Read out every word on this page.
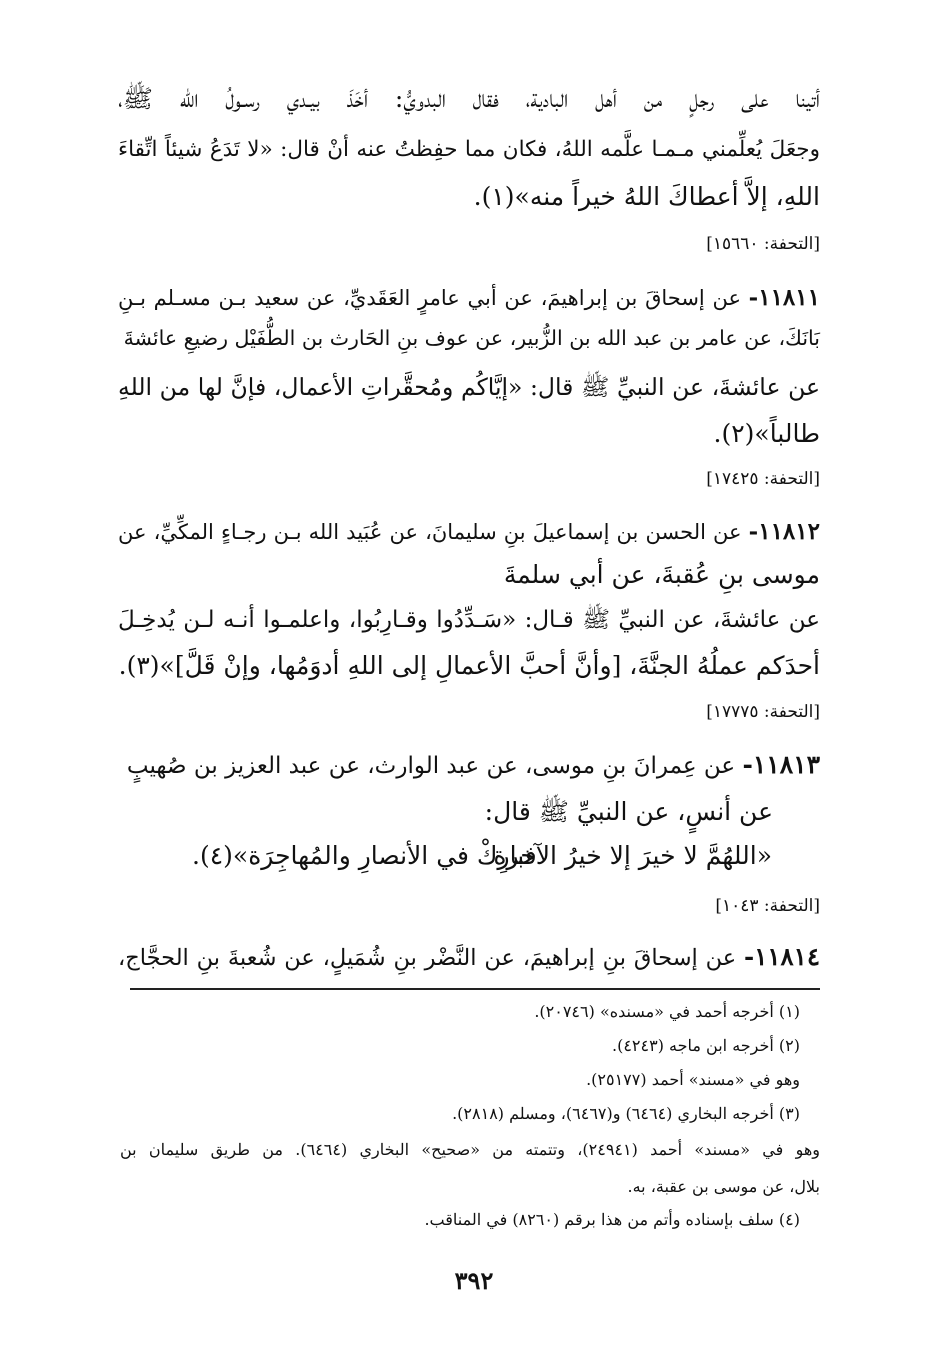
أتينا على رجلٍ من أهل البادية، فقال البدويُّ: أخَذَ بيـدي رسـولُ الله ﷺ،
وجعَلَ يُعلِّمني مـمـا علَّمه اللهُ، فكان مما حفِظتُ عنه أنْ قال: «لا تَدَعُ شيئاً اتِّقاءَ
اللهِ، إلاَّ أعطاكَ اللهُ خيراً منه»(١).
[التحفة: ١٥٦٦٠]
١١٨١١- عن إسحاقَ بن إبراهيمَ، عن أبي عامرٍ العَقَديِّ، عن سعيد بـن مسـلم بـنِ
بَانَكَ، عن عامر بن عبد الله بن الزُّبير، عن عوف بنِ الحَارث بن الطُّفَيْل رضيعِ عائشةَ
عن عائشةَ، عن النبيِّ ﷺ قال: «إيَّاكُم ومُحقَّراتِ الأعمال، فإنَّ لها من اللهِ
طالباً»(٢).
[التحفة: ١٧٤٢٥]
١١٨١٢- عن الحسن بن إسماعيلَ بنِ سليمانَ، عن عُبَيد الله بـن رجـاءٍ المكِّيِّ، عن
موسى بنِ عُقبةَ، عن أبي سلمةَ
عن عائشةَ، عن النبيِّ ﷺ قـال: «سَـدِّدُوا وقـارِبُوا، واعلمـوا أنـه لـن يُدخِـلَ
أحدَكم عملُهُ الجنَّةَ، [وأنَّ أحبَّ الأعمالِ إلى اللهِ أدوَمُها، وإنْ قَلَّ]»(٣).
[التحفة: ١٧٧٧٥]
١١٨١٣- عن عِمرانَ بنِ موسى، عن عبد الوارث، عن عبد العزيز بن صُهيبٍ
عن أنسٍ، عن النبيِّ ﷺ قال:
«اللهُمَّ لا خيرَ إلا خيرُ الآخرة
فبارِكْ في الأنصارِ والمُهاجِرَة»(٤).
[التحفة: ١٠٤٣]
١١٨١٤- عن إسحاقَ بنِ إبراهيمَ، عن النَّضْر بنِ شُمَيلٍ، عن شُعبةَ بنِ الحجَّاج،
(١) أخرجه أحمد في «مسنده» (٢٠٧٤٦).
(٢) أخرجه ابن ماجه (٤٢٤٣).
وهو في «مسند» أحمد (٢٥١٧٧).
(٣) أخرجه البخاري (٦٤٦٤) و(٦٤٦٧)، ومسلم (٢٨١٨).
وهو في «مسند» أحمد (٢٤٩٤١)، وتتمته من «صحيح» البخاري (٦٤٦٤). من طريق سليمان بن
بلال، عن موسى بن عقبة، به.
(٤) سلف بإسناده وأتم من هذا برقم (٨٢٦٠) في المناقب.
٣٩٢
